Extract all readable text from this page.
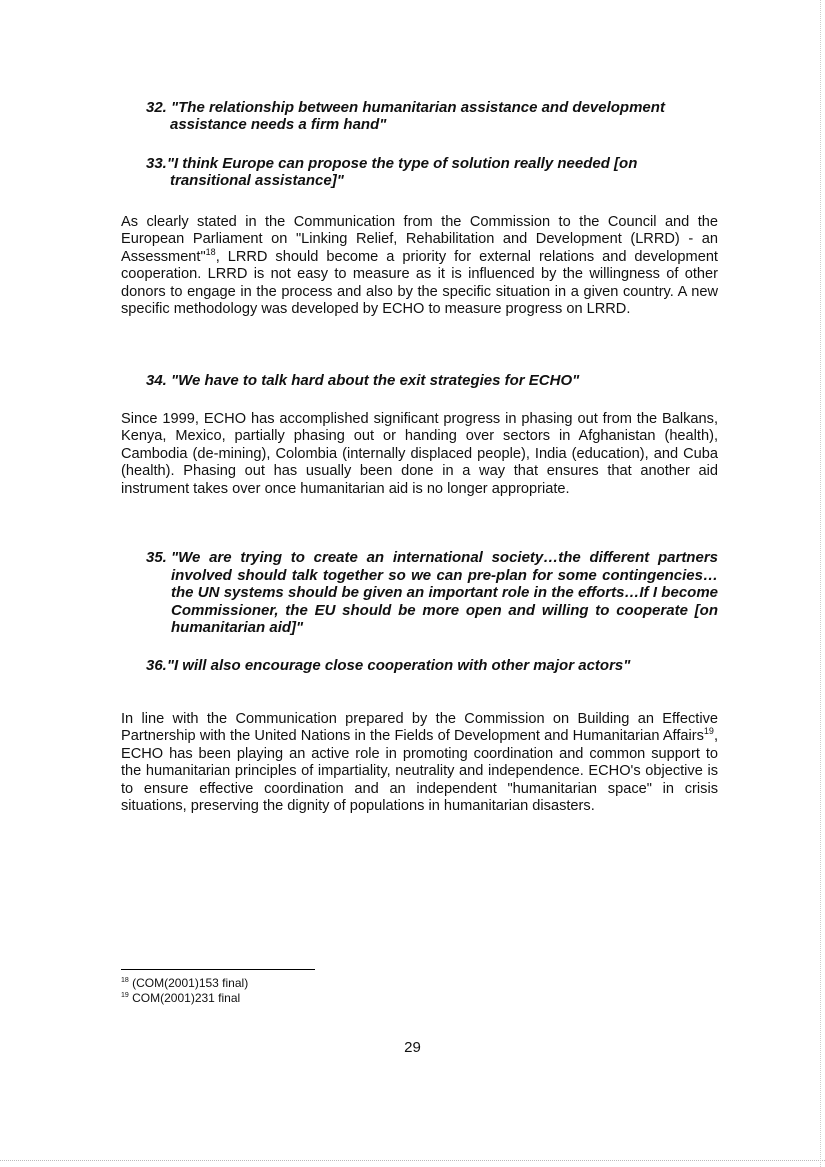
32. "The relationship between humanitarian assistance and development
assistance needs a firm hand"
33."I think Europe can propose the type of solution really needed [on
transitional assistance]"
As clearly stated in the Communication from the Commission to the Council and the European Parliament on "Linking Relief, Rehabilitation and Development (LRRD) - an Assessment"$^{18}$, LRRD should become a priority for external relations and development cooperation. LRRD is not easy to measure as it is influenced by the willingness of other donors to engage in the process and also by the specific situation in a given country. A new specific methodology was developed by ECHO to measure progress on LRRD.
34. "We have to talk hard about the exit strategies for ECHO"
Since 1999, ECHO has accomplished significant progress in phasing out from the Balkans, Kenya, Mexico, partially phasing out or handing over sectors in Afghanistan (health), Cambodia (de-mining), Colombia (internally displaced people), India (education), and Cuba (health). Phasing out has usually been done in a way that ensures that another aid instrument takes over once humanitarian aid is no longer appropriate.
35. "We are trying to create an international society…the different partners involved should talk together so we can pre-plan for some contingencies…the UN systems should be given an important role in the efforts…If I become Commissioner, the EU should be more open and willing to cooperate [on humanitarian aid]"
36."I will also encourage close cooperation with other major actors"
In line with the Communication prepared by the Commission on Building an Effective Partnership with the United Nations in the Fields of Development and Humanitarian Affairs$^{19}$, ECHO has been playing an active role in promoting coordination and common support to the humanitarian principles of impartiality, neutrality and independence. ECHO's objective is to ensure effective coordination and an independent "humanitarian space" in crisis situations, preserving the dignity of populations in humanitarian disasters.
$^{18}$ (COM(2001)153 final)
$^{19}$ COM(2001)231 final
29
